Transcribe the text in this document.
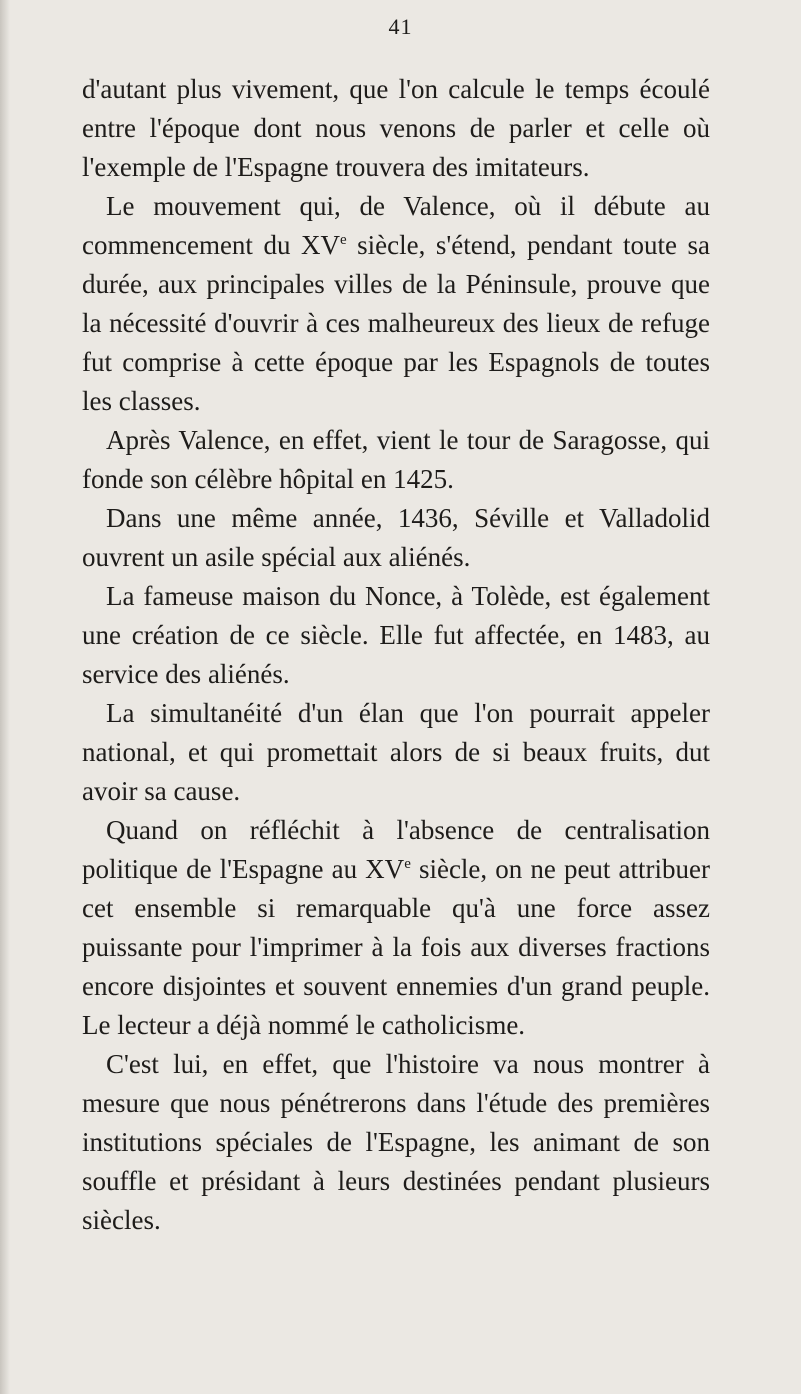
41

d'autant plus vivement, que l'on calcule le temps écoulé entre l'époque dont nous venons de parler et celle où l'exemple de l'Espagne trouvera des imitateurs.

Le mouvement qui, de Valence, où il débute au commencement du XVe siècle, s'étend, pendant toute sa durée, aux principales villes de la Péninsule, prouve que la nécessité d'ouvrir à ces malheureux des lieux de refuge fut comprise à cette époque par les Espagnols de toutes les classes.

Après Valence, en effet, vient le tour de Saragosse, qui fonde son célèbre hôpital en 1425.

Dans une même année, 1436, Séville et Valladolid ouvrent un asile spécial aux aliénés.

La fameuse maison du Nonce, à Tolède, est également une création de ce siècle. Elle fut affectée, en 1483, au service des aliénés.

La simultanéité d'un élan que l'on pourrait appeler national, et qui promettait alors de si beaux fruits, dut avoir sa cause.

Quand on réfléchit à l'absence de centralisation politique de l'Espagne au XVe siècle, on ne peut attribuer cet ensemble si remarquable qu'à une force assez puissante pour l'imprimer à la fois aux diverses fractions encore disjointes et souvent ennemies d'un grand peuple. Le lecteur a déjà nommé le catholicisme.

C'est lui, en effet, que l'histoire va nous montrer à mesure que nous pénétrerons dans l'étude des premières institutions spéciales de l'Espagne, les animant de son souffle et présidant à leurs destinées pendant plusieurs siècles.
